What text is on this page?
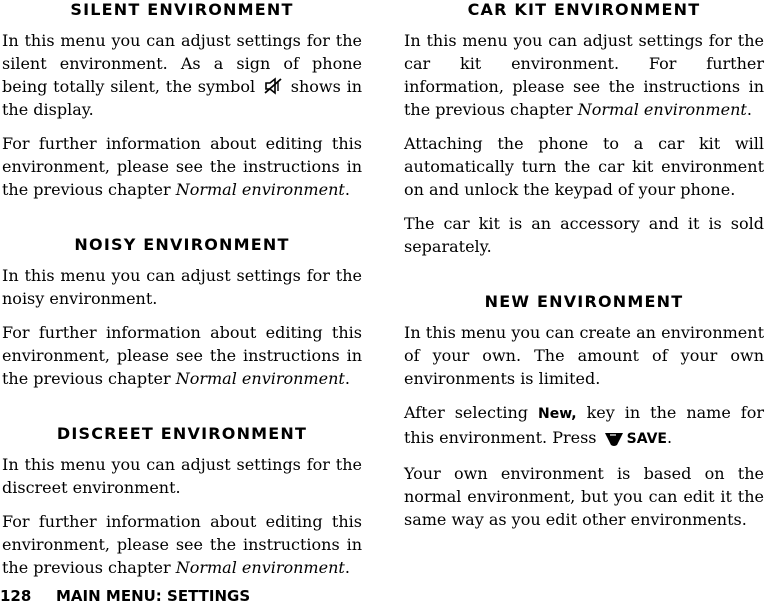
SILENT ENVIRONMENT

In this menu you can adjust settings for the silent environment. As a sign of phone being totally silent, the symbol shows in the display.

For further information about editing this environment, please see the instructions in the previous chapter Normal environment.

NOISY ENVIRONMENT

In this menu you can adjust settings for the noisy environment.

For further information about editing this environment, please see the instructions in the previous chapter Normal environment.

DISCREET ENVIRONMENT

In this menu you can adjust settings for the discreet environment.

For further information about editing this environment, please see the instructions in the previous chapter Normal environment.

CAR KIT ENVIRONMENT

In this menu you can adjust settings for the car kit environment. For further information, please see the instructions in the previous chapter Normal environment.

Attaching the phone to a car kit will automatically turn the car kit environment on and unlock the keypad of your phone.

The car kit is an accessory and it is sold separately.

NEW ENVIRONMENT

In this menu you can create an environment of your own. The amount of your own environments is limited.

After selecting New, key in the name for this environment. Press SAVE.

Your own environment is based on the normal environment, but you can edit it the same way as you edit other environments.

128 MAIN MENU: SETTINGS
